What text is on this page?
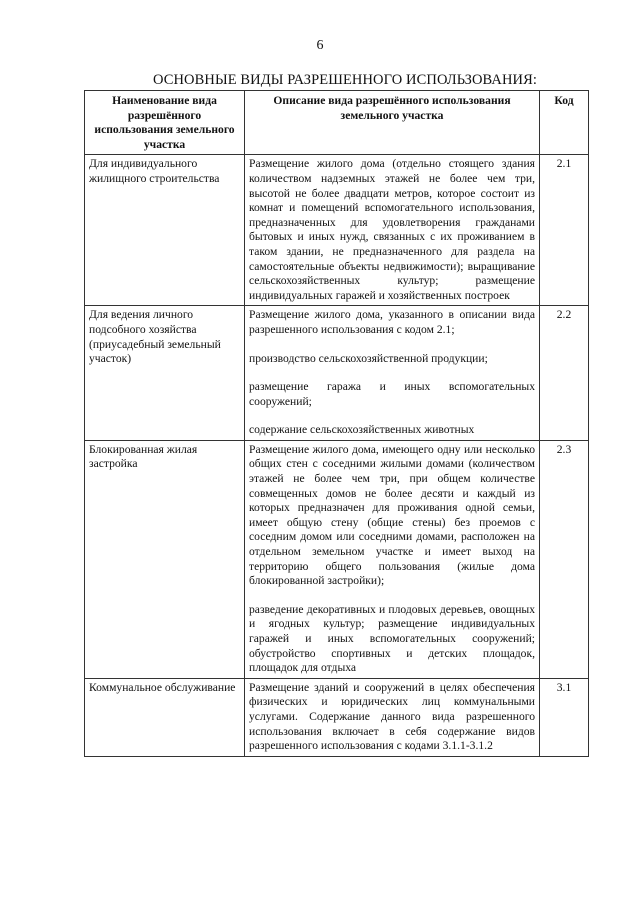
6
ОСНОВНЫЕ ВИДЫ РАЗРЕШЕННОГО ИСПОЛЬЗОВАНИЯ:
Наименование вида разрешённого использования земельного участка	Описание вида разрешённого использования земельного участка	Код
Для индивидуального жилищного строительства	Размещение жилого дома (отдельно стоящего здания количеством надземных этажей не более чем три, высотой не более двадцати метров, которое состоит из комнат и помещений вспомогательного использования, предназначенных для удовлетворения гражданами бытовых и иных нужд, связанных с их проживанием в таком здании, не предназначенного для раздела на самостоятельные объекты недвижимости); выращивание сельскохозяйственных культур; размещение индивидуальных гаражей и хозяйственных построек	2.1
Для ведения личного подсобного хозяйства (приусадебный земельный участок)	Размещение жилого дома, указанного в описании вида разрешенного использования с кодом 2.1;

производство сельскохозяйственной продукции;

размещение гаража и иных вспомогательных сооружений;

содержание сельскохозяйственных животных	2.2
Блокированная жилая застройка	Размещение жилого дома, имеющего одну или несколько общих стен с соседними жилыми домами (количеством этажей не более чем три, при общем количестве совмещенных домов не более десяти и каждый из которых предназначен для проживания одной семьи, имеет общую стену (общие стены) без проемов с соседним домом или соседними домами, расположен на отдельном земельном участке и имеет выход на территорию общего пользования (жилые дома блокированной застройки);

разведение декоративных и плодовых деревьев, овощных и ягодных культур; размещение индивидуальных гаражей и иных вспомогательных сооружений; обустройство спортивных и детских площадок, площадок для отдыха	2.3
Коммунальное обслуживание	Размещение зданий и сооружений в целях обеспечения физических и юридических лиц коммунальными услугами. Содержание данного вида разрешенного использования включает в себя содержание видов разрешенного использования с кодами 3.1.1-3.1.2	3.1
